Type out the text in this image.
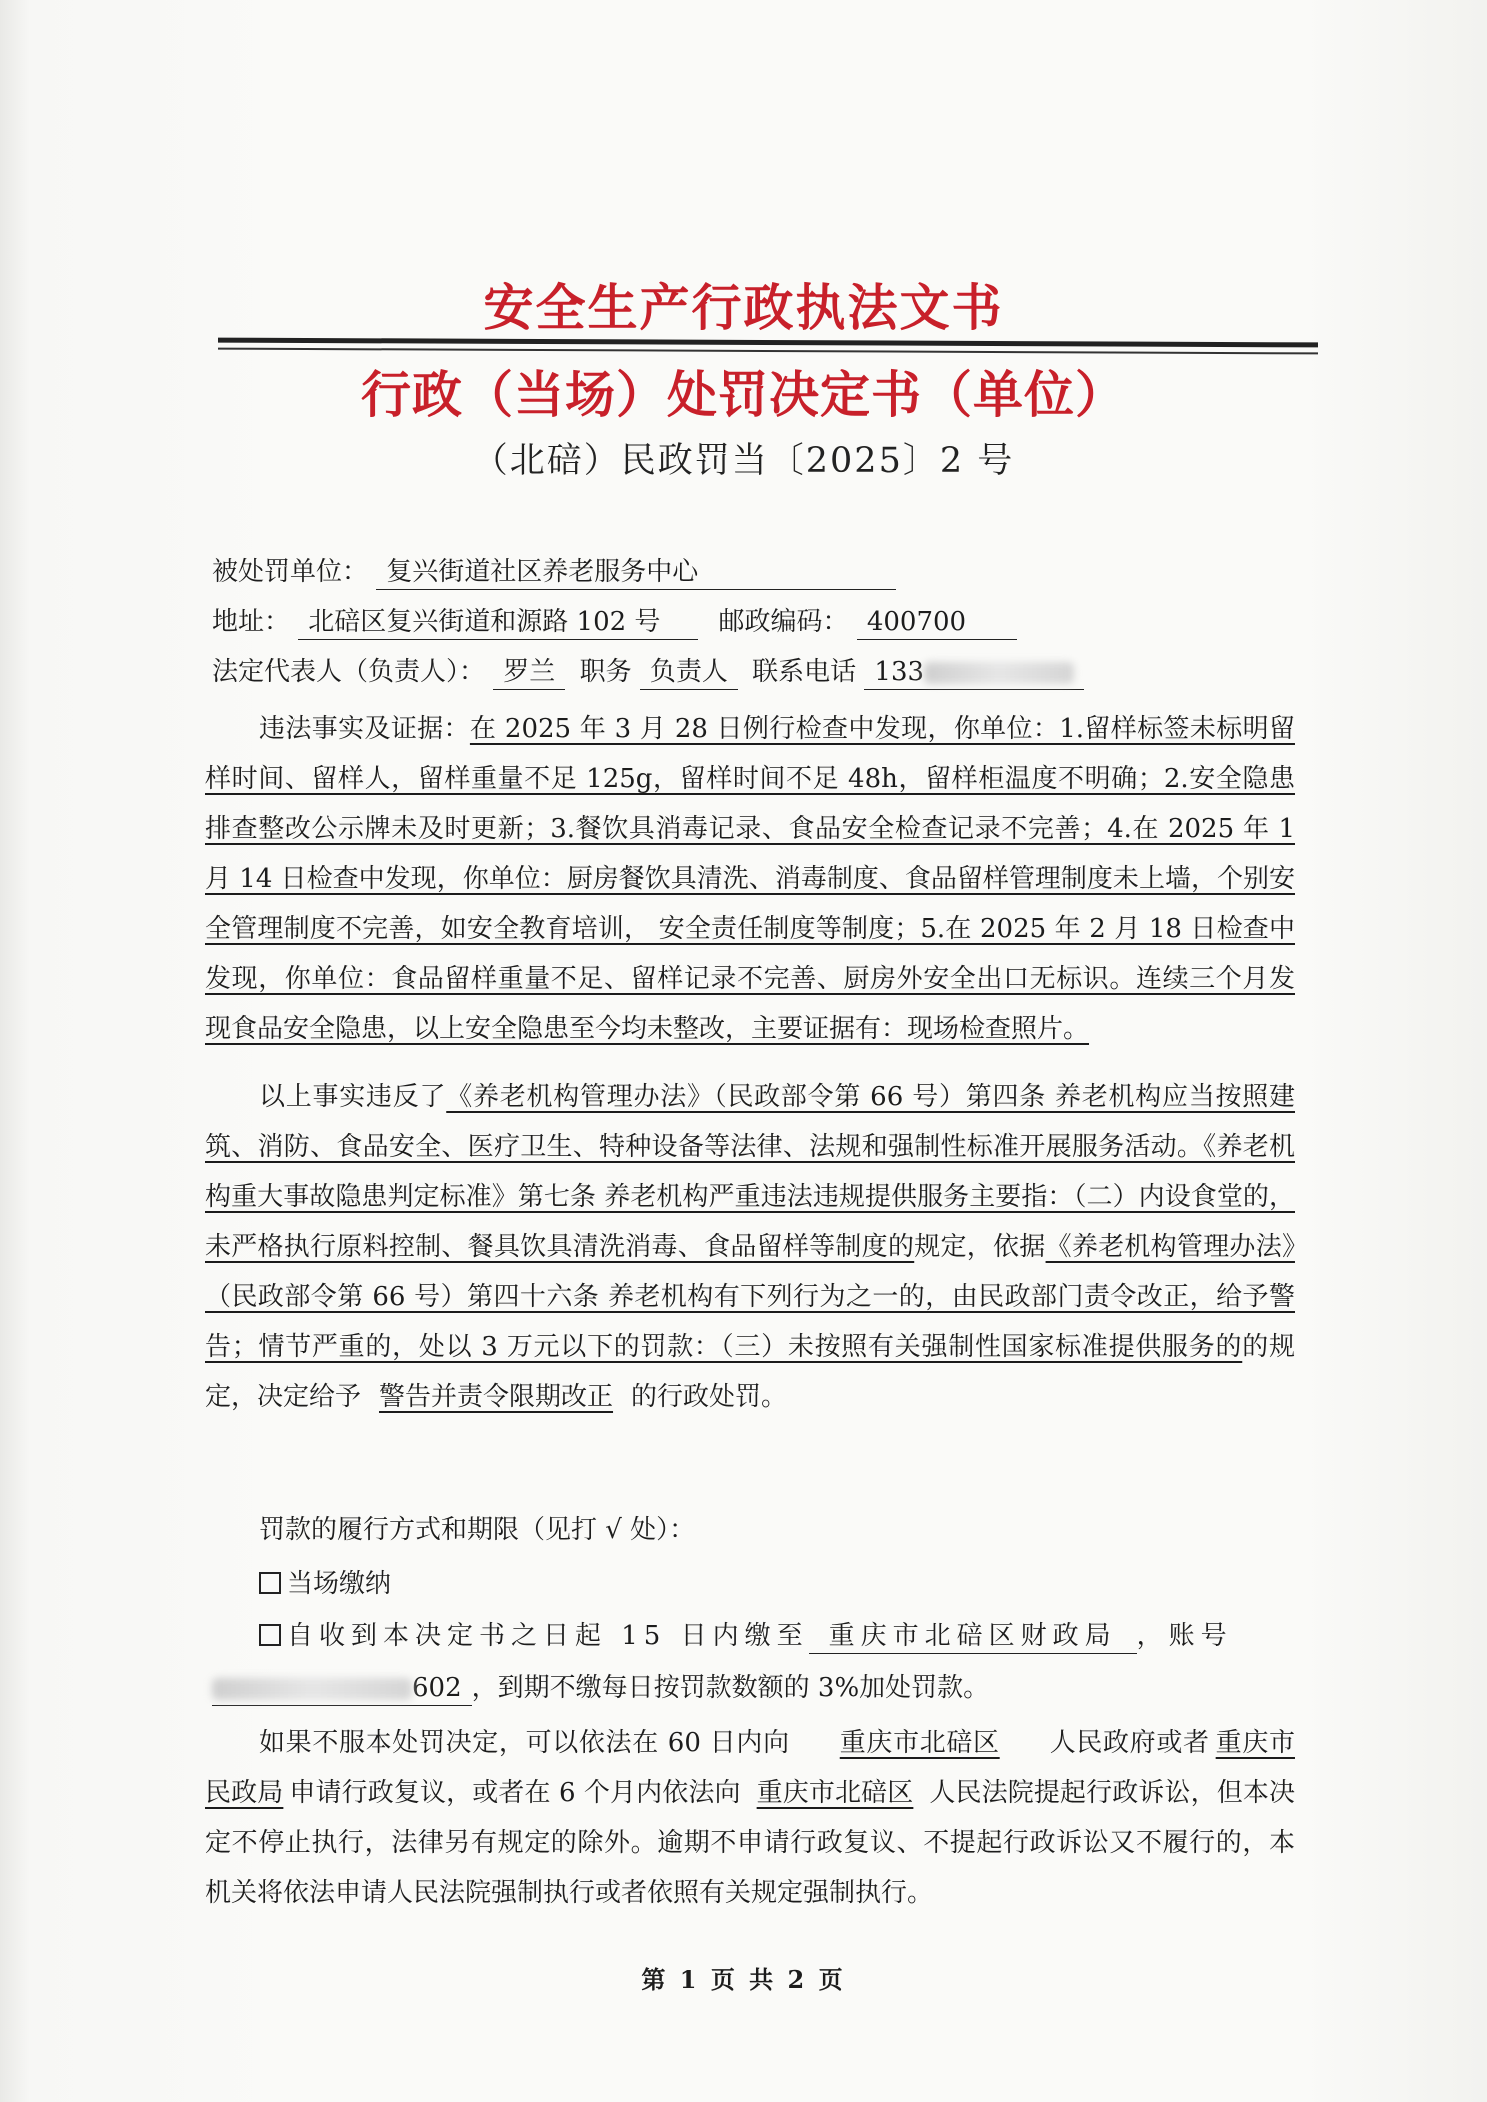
安全生产行政执法文书
行政（当场）处罚决定书（单位）
（北碚）民政罚当〔2025〕2 号
被处罚单位： 复兴街道社区养老服务中心
地址： 北碚区复兴街道和源路 102 号 邮政编码： 400700
法定代表人（负责人）： 罗兰 职务 负责人 联系电话 133
违法事实及证据：在 2025 年 3 月 28 日例行检查中发现，你单位：1.留样标签未标明留样时间、留样人，留样重量不足 125g，留样时间不足 48h，留样柜温度不明确；2.安全隐患排查整改公示牌未及时更新；3.餐饮具消毒记录、食品安全检查记录不完善；4.在 2025 年 1 月 14 日检查中发现，你单位：厨房餐饮具清洗、消毒制度、食品留样管理制度未上墙，个别安全管理制度不完善，如安全教育培训， 安全责任制度等制度；5.在 2025 年 2 月 18 日检查中发现，你单位：食品留样重量不足、留样记录不完善、厨房外安全出口无标识。连续三个月发现食品安全隐患，以上安全隐患至今均未整改，主要证据有：现场检查照片。
以上事实违反了《养老机构管理办法》（民政部令第 66 号）第四条 养老机构应当按照建筑、消防、食品安全、医疗卫生、特种设备等法律、法规和强制性标准开展服务活动。《养老机构重大事故隐患判定标准》第七条 养老机构严重违法违规提供服务主要指：（二）内设食堂的，未严格执行原料控制、餐具饮具清洗消毒、食品留样等制度的规定，依据《养老机构管理办法》（民政部令第 66 号）第四十六条 养老机构有下列行为之一的，由民政部门责令改正，给予警告；情节严重的，处以 3 万元以下的罚款：（三）未按照有关强制性国家标准提供服务的的规定，决定给予 警告并责令限期改正 的行政处罚。
罚款的履行方式和期限（见打 √ 处）：
当场缴纳
自收到本决定书之日起 15 日内缴至 重庆市北碚区财政局 ，账号
602 ，到期不缴每日按罚款数额的 3%加处罚款。
如果不服本处罚决定，可以依法在 60 日内向 重庆市北碚区 人民政府或者 重庆市民政局 申请行政复议，或者在 6 个月内依法向 重庆市北碚区 人民法院提起行政诉讼，但本决定不停止执行，法律另有规定的除外。逾期不申请行政复议、不提起行政诉讼又不履行的，本机关将依法申请人民法院强制执行或者依照有关规定强制执行。
第 1 页 共 2 页
